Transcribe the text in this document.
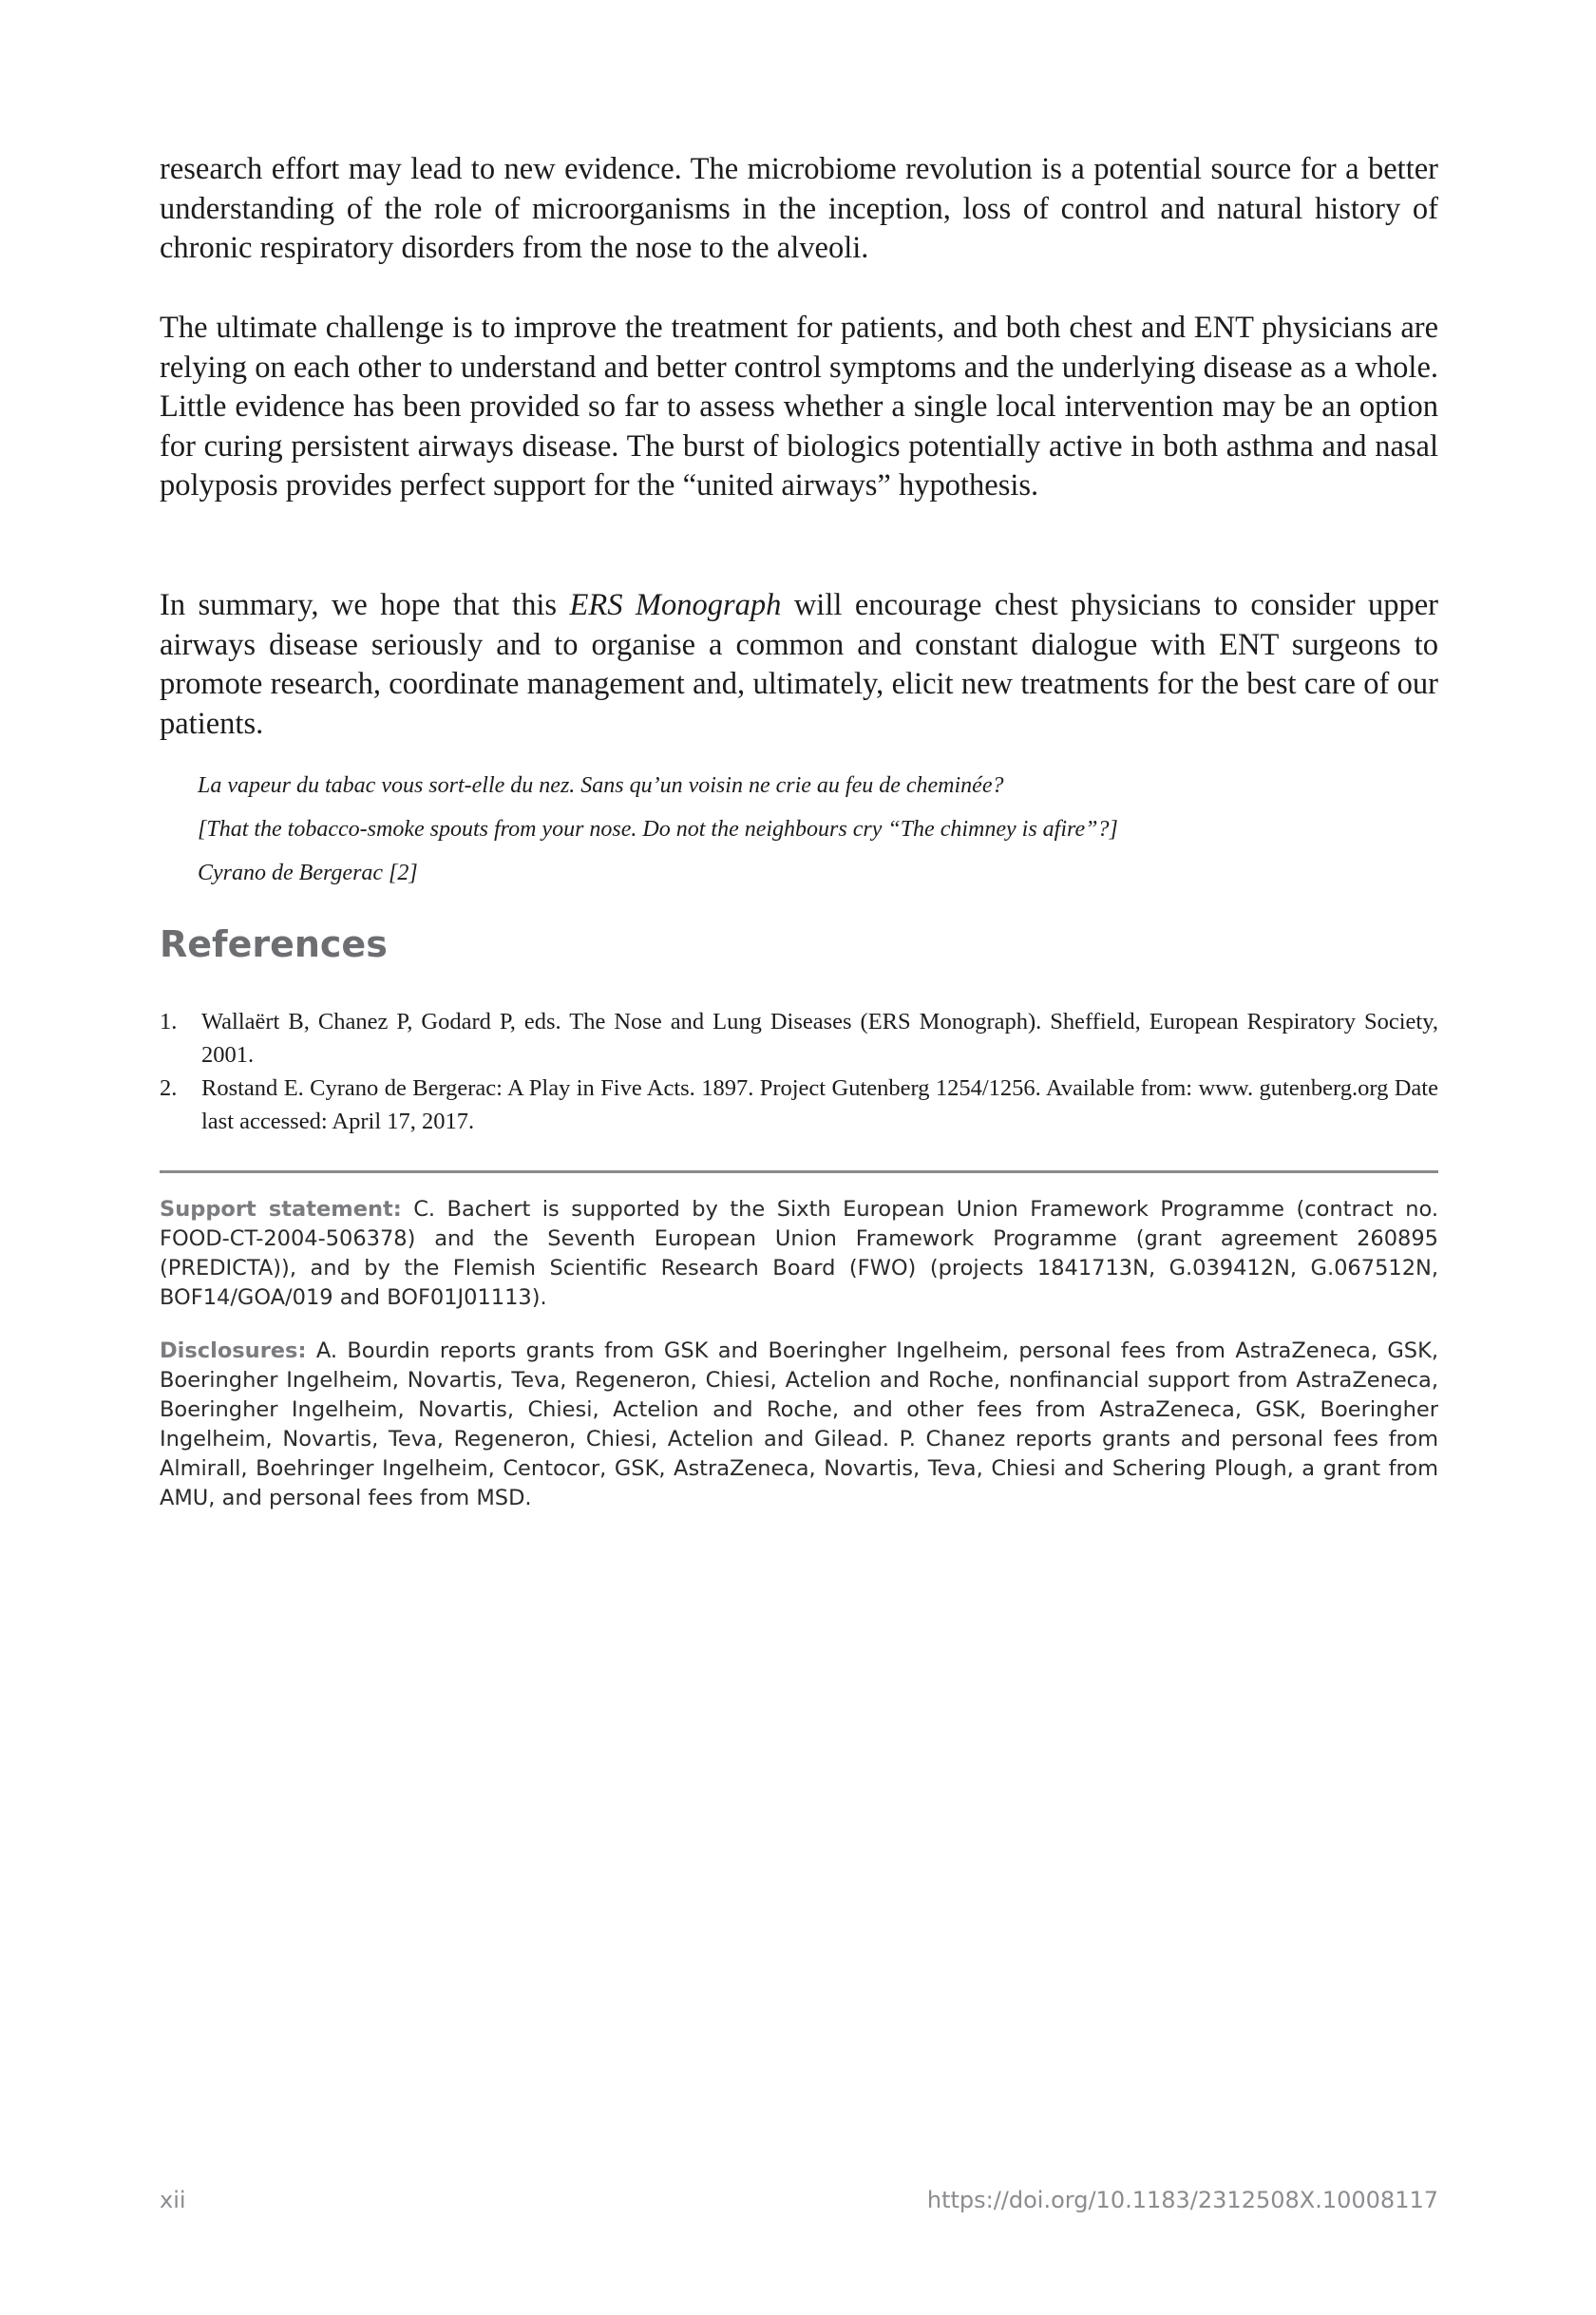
research effort may lead to new evidence. The microbiome revolution is a potential source for a better understanding of the role of microorganisms in the inception, loss of control and natural history of chronic respiratory disorders from the nose to the alveoli.

The ultimate challenge is to improve the treatment for patients, and both chest and ENT physicians are relying on each other to understand and better control symptoms and the underlying disease as a whole. Little evidence has been provided so far to assess whether a single local intervention may be an option for curing persistent airways disease. The burst of biologics potentially active in both asthma and nasal polyposis provides perfect support for the “united airways” hypothesis.

In summary, we hope that this ERS Monograph will encourage chest physicians to consider upper airways disease seriously and to organise a common and constant dialogue with ENT surgeons to promote research, coordinate management and, ultimately, elicit new treatments for the best care of our patients.

La vapeur du tabac vous sort-elle du nez. Sans qu’un voisin ne crie au feu de cheminée?

[That the tobacco-smoke spouts from your nose. Do not the neighbours cry “The chimney is afire”?]

Cyrano de Bergerac [2]

References
1. Wallaërt B, Chanez P, Godard P, eds. The Nose and Lung Diseases (ERS Monograph). Sheffield, European Respiratory Society, 2001.
2. Rostand E. Cyrano de Bergerac: A Play in Five Acts. 1897. Project Gutenberg 1254/1256. Available from: www. gutenberg.org Date last accessed: April 17, 2017.

Support statement: C. Bachert is supported by the Sixth European Union Framework Programme (contract no. FOOD-CT-2004-506378) and the Seventh European Union Framework Programme (grant agreement 260895 (PREDICTA)), and by the Flemish Scientific Research Board (FWO) (projects 1841713N, G.039412N, G.067512N, BOF14/GOA/019 and BOF01J01113).

Disclosures: A. Bourdin reports grants from GSK and Boeringher Ingelheim, personal fees from AstraZeneca, GSK, Boeringher Ingelheim, Novartis, Teva, Regeneron, Chiesi, Actelion and Roche, nonfinancial support from AstraZeneca, Boeringher Ingelheim, Novartis, Chiesi, Actelion and Roche, and other fees from AstraZeneca, GSK, Boeringher Ingelheim, Novartis, Teva, Regeneron, Chiesi, Actelion and Gilead. P. Chanez reports grants and personal fees from Almirall, Boehringer Ingelheim, Centocor, GSK, AstraZeneca, Novartis, Teva, Chiesi and Schering Plough, a grant from AMU, and personal fees from MSD.

xii	https://doi.org/10.1183/2312508X.10008117
